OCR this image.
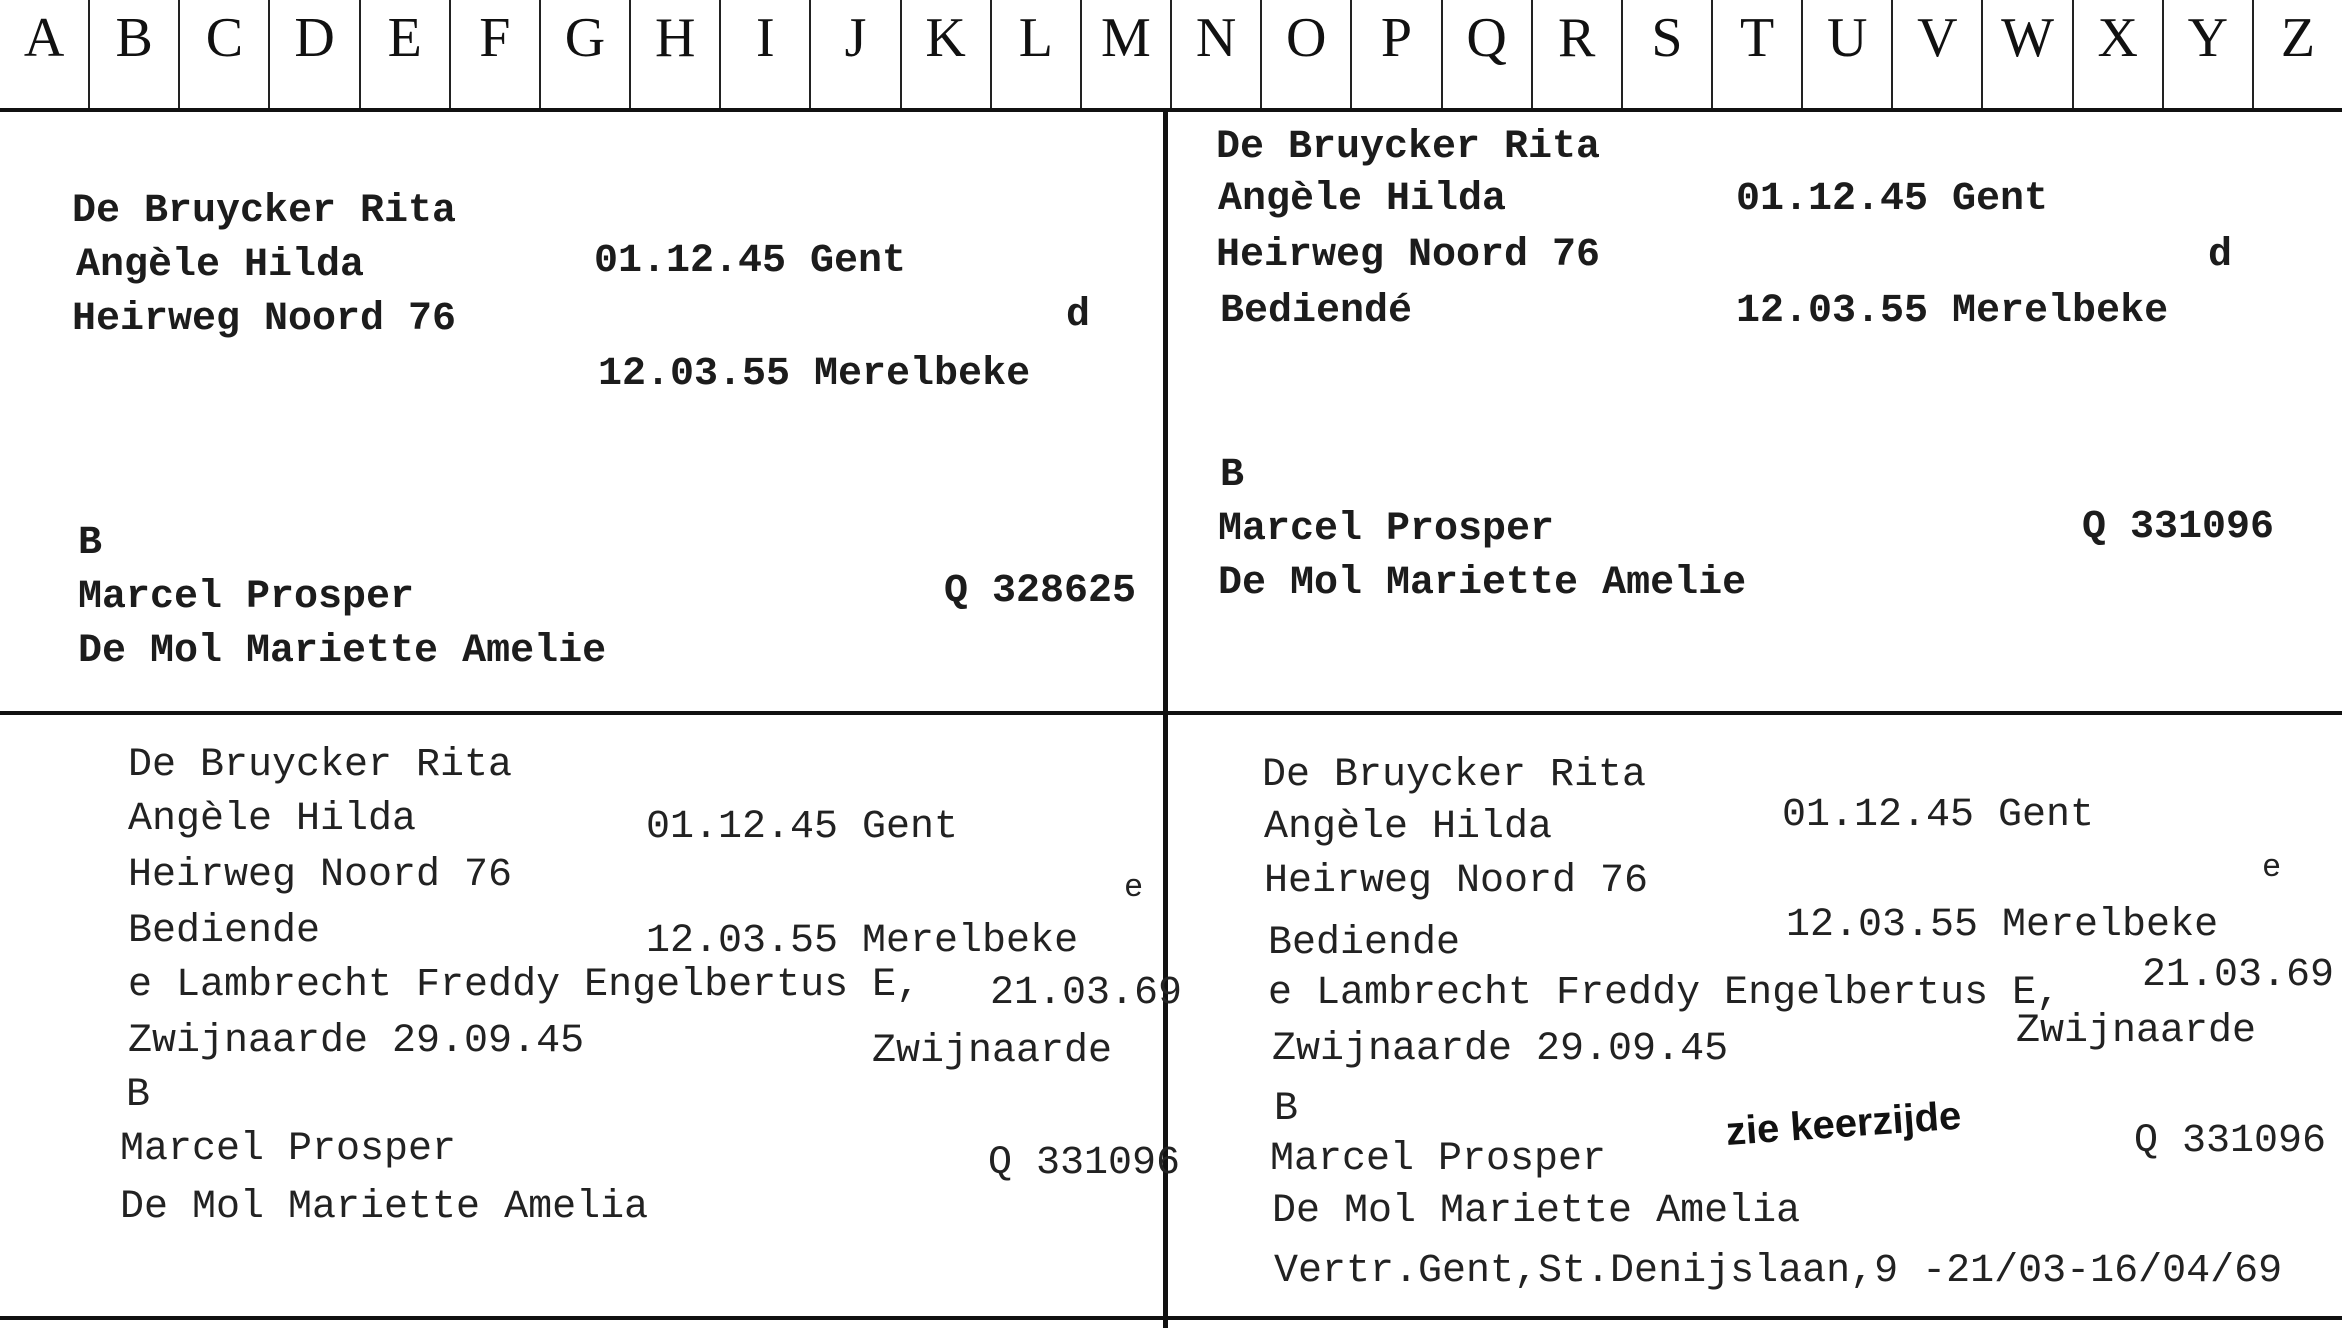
A B C D E	F G H	I	J	K L M N O P Q R S	T U V W X Y Z
De Bruycker Rita
Angèle Hilda	01.12.45 Gent
Heirweg Noord 76	d
12.03.55 Merelbeke
B
Marcel Prosper	Q 328625
De Mol Mariette Amelie
De Bruycker Rita
Angèle Hilda	01.12.45 Gent
Heirweg Noord 76	d
Bediendé	12.03.55 Merelbeke
B
Marcel Prosper	Q 331096
De Mol Mariette Amelie
De Bruycker Rita
Angèle Hilda	01.12.45 Gent
Heirweg Noord 76	e
Bediende	12.03.55 Merelbeke
e Lambrecht Freddy Engelbertus E, 21.03.69
Zwijnaarde 29.09.45	Zwijnaarde
B
Marcel Prosper	Q 331096
De Mol Mariette Amelia
De Bruycker Rita
Angèle Hilda	01.12.45 Gent
Heirweg Noord 76	e
Bediende	12.03.55 Merelbeke
e Lambrecht Freddy Engelbertus E, 21.03.69
Zwijnaarde 29.09.45	Zwijnaarde
B	zie keerzijde
Marcel Prosper	Q 331096
De Mol Mariette Amelia
Vertr.Gent,St.Denijslaan,9 -21/03-16/04/69
